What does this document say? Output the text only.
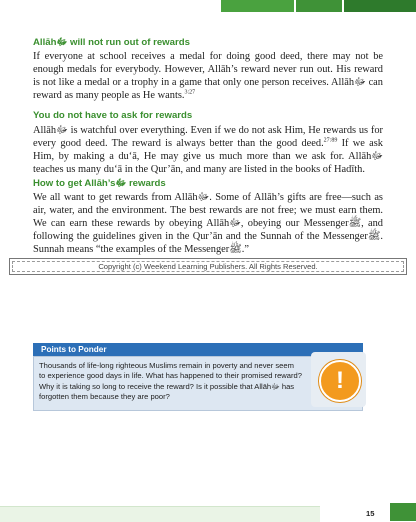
Allāhﷻ will not run out of rewards
If everyone at school receives a medal for doing good deed, there may not be enough medals for everybody. However, Allāh’s reward never run out. His reward is not like a medal or a trophy in a game that only one person receives. Allāhﷻ can reward as many people as He wants.$^{3:27}$
You do not have to ask for rewards
Allāhﷻ is watchful over everything. Even if we do not ask Him, He rewards us for every good deed. The reward is always better than the good deed.$^{27:89}$ If we ask Him, by making a du‘ā, He may give us much more than we ask for. Allāhﷻ teaches us many du‘ā in the Qur’ān, and many are listed in the books of Hadīth.
How to get Allāh’sﷻ rewards
We all want to get rewards from Allāhﷻ. Some of Allāh’s gifts are free—such as air, water, and the environment. The best rewards are not free; we must earn them. We can earn these rewards by obeying Allāhﷻ, obeying our Messengerﷺ, and following the guidelines given in the Qur’ān and the Sunnah of the Messengerﷺ. Sunnah means “the examples of the Messengerﷺ.”
Copyright (c) Weekend Learning Publishers. All Rights Reserved.
Points to Ponder
Thousands of life-long righteous Muslims remain in poverty and never seem to experience good days in life. What has happened to their promised reward? Why it is taking so long to receive the reward? Is it possible that Allāhﷻ has forgotten them because they are poor?
!
15
